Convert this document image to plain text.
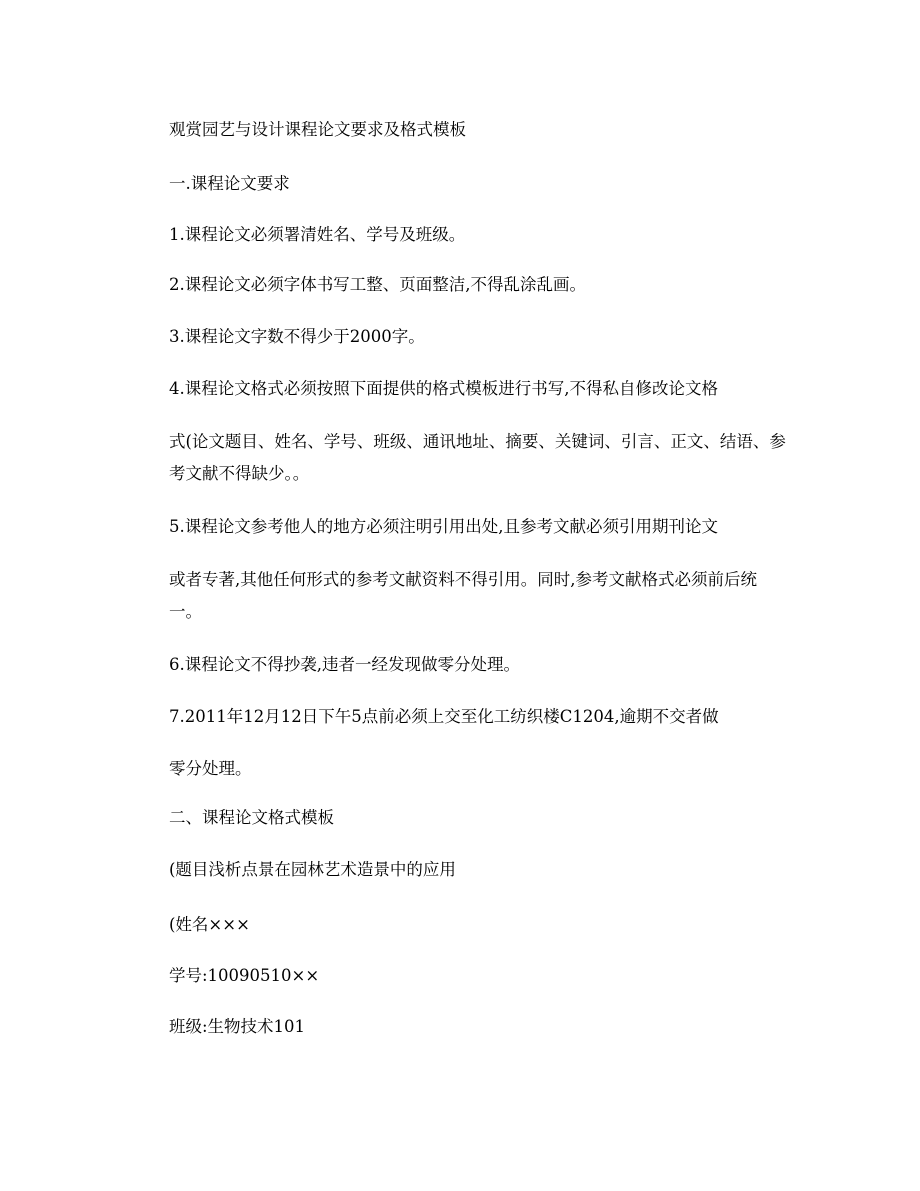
观赏园艺与设计课程论文要求及格式模板
一.课程论文要求
1.课程论文必须署清姓名、学号及班级。
2.课程论文必须字体书写工整、页面整洁,不得乱涂乱画。
3.课程论文字数不得少于2000字。
4.课程论文格式必须按照下面提供的格式模板进行书写,不得私自修改论文格
式(论文题目、姓名、学号、班级、通讯地址、摘要、关键词、引言、正文、结语、参考文献不得缺少。。
5.课程论文参考他人的地方必须注明引用出处,且参考文献必须引用期刊论文
或者专著,其他任何形式的参考文献资料不得引用。同时,参考文献格式必须前后统一。
6.课程论文不得抄袭,违者一经发现做零分处理。
7.2011年12月12日下午5点前必须上交至化工纺织楼C1204,逾期不交者做
零分处理。
二、课程论文格式模板
(题目浅析点景在园林艺术造景中的应用
(姓名×××
学号:10090510××
班级:生物技术101
